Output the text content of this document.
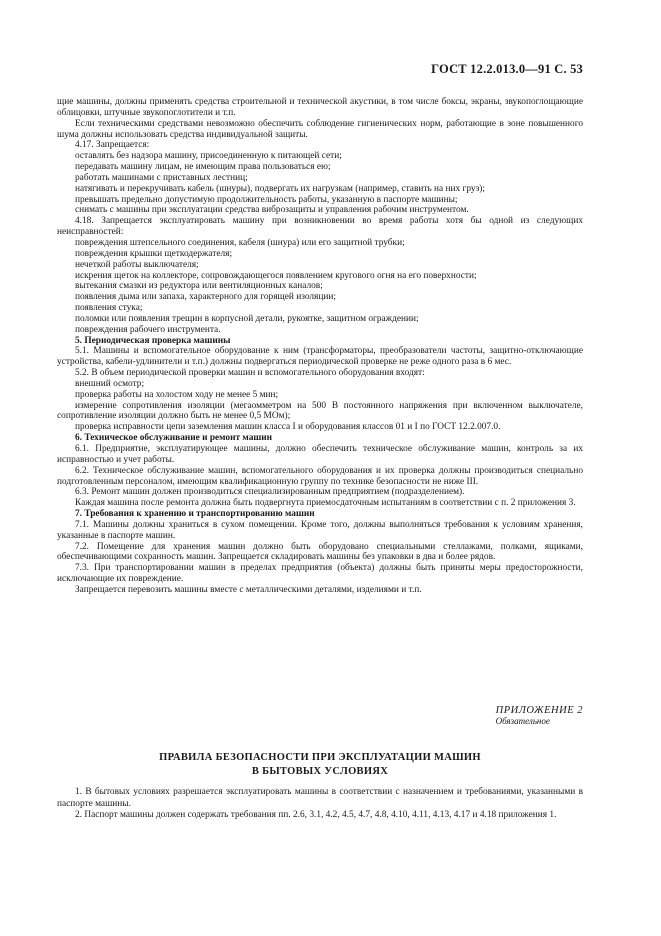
ГОСТ 12.2.013.0—91 С. 53

щие машины, должны применять средства строительной и технической акустики, в том числе боксы, экраны, звукопоглощающие облицовки, штучные звукопоглотители и т.п.

Если техническими средствами невозможно обеспечить соблюдение гигиенических норм, работающие в зоне повышенного шума должны использовать средства индивидуальной защиты.

4.17. Запрещается:

оставлять без надзора машину, присоединенную к питающей сети;

передавать машину лицам, не имеющим права пользоваться ею;

работать машинами с приставных лестниц;

натягивать и перекручивать кабель (шнуры), подвергать их нагрузкам (например, ставить на них груз);

превышать предельно допустимую продолжительность работы, указанную в паспорте машины;

снимать с машины при эксплуатации средства виброзащиты и управления рабочим инструментом.

4.18. Запрещается эксплуатировать машину при возникновении во время работы хотя бы одной из следующих неисправностей:

повреждения штепсельного соединения, кабеля (шнура) или его защитной трубки;

повреждения крышки щеткодержателя;

нечеткой работы выключателя;

искрения щеток на коллекторе, сопровождающегося появлением кругового огня на его поверхности;

вытекания смазки из редуктора или вентиляционных каналов;

появления дыма или запаха, характерного для горящей изоляции;

появления стука;

поломки или появления трещин в корпусной детали, рукоятке, защитном ограждении;

повреждения рабочего инструмента.

5. Периодическая проверка машины

5.1. Машины и вспомогательное оборудование к ним (трансформаторы, преобразователи частоты, защитно-отключающие устройства, кабели-удлинители и т.п.) должны подвергаться периодической проверке не реже одного раза в 6 мес.

5.2. В объем периодической проверки машин и вспомогательного оборудования входят:

внешний осмотр;

проверка работы на холостом ходу не менее 5 мин;

измерение сопротивления изоляции (мегаомметром на 500 В постоянного напряжения при включенном выключателе, сопротивление изоляции должно быть не менее 0,5 МОм);

проверка исправности цепи заземления машин класса I и оборудования классов 01 и I по ГОСТ 12.2.007.0.

6. Техническое обслуживание и ремонт машин

6.1. Предприятие, эксплуатирующее машины, должно обеспечить техническое обслуживание машин, контроль за их исправностью и учет работы.

6.2. Техническое обслуживание машин, вспомогательного оборудования и их проверка должны производиться специально подготовленным персоналом, имеющим квалификационную группу по технике безопасности не ниже III.

6.3. Ремонт машин должен производиться специализированным предприятием (подразделением).

Каждая машина после ремонта должна быть подвергнута приемосдаточным испытаниям в соответствии с п. 2 приложения 3.

7. Требования к хранению и транспортированию машин

7.1. Машины должны храниться в сухом помещении. Кроме того, должны выполняться требования к условиям хранения, указанные в паспорте машин.

7.2. Помещение для хранения машин должно быть оборудовано специальными стеллажами, полками, ящиками, обеспечивающими сохранность машин. Запрещается складировать машины без упаковки в два и более рядов.

7.3. При транспортировании машин в пределах предприятия (объекта) должны быть приняты меры предосторожности, исключающие их повреждение.

Запрещается перевозить машины вместе с металлическими деталями, изделиями и т.п.

ПРИЛОЖЕНИЕ 2
Обязательное
ПРАВИЛА БЕЗОПАСНОСТИ ПРИ ЭКСПЛУАТАЦИИ МАШИН
В БЫТОВЫХ УСЛОВИЯХ

1. В бытовых условиях разрешается эксплуатировать машины в соответствии с назначением и требованиями, указанными в паспорте машины.

2. Паспорт машины должен содержать требования пп. 2.6, 3.1, 4.2, 4.5, 4.7, 4.8, 4.10, 4.11, 4.13, 4.17 и 4.18 приложения 1.
